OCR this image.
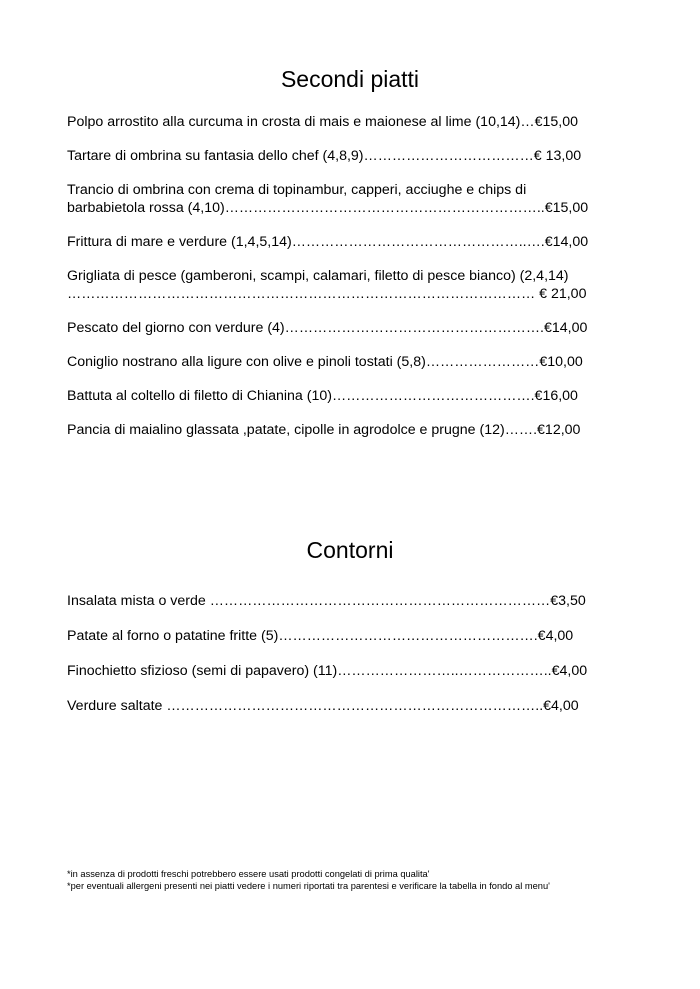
Secondi piatti
Polpo arrostito alla curcuma in crosta di mais e maionese al lime (10,14)…€15,00
Tartare di ombrina su fantasia dello chef (4,8,9)………………………………€ 13,00
Trancio di ombrina con crema di topinambur, capperi, acciughe e chips di
barbabietola rossa (4,10)…………………………………………………………..€15,00
Frittura di mare e verdure (1,4,5,14)…………………………………………..….€14,00
Grigliata di pesce (gamberoni, scampi, calamari, filetto di pesce bianco) (2,4,14)
……………………………………………………………………………………… € 21,00
Pescato del giorno con verdure (4)……………………………………………….€14,00
Coniglio nostrano alla ligure con olive e pinoli tostati (5,8)……………………€10,00
Battuta al coltello di filetto di Chianina (10)…………………………………….€16,00
Pancia di maialino glassata ,patate, cipolle in agrodolce e prugne (12)…….€12,00
Contorni
Insalata mista o verde ………………………………………………………………€3,50
Patate al forno o patatine fritte (5)……………………………………………….€4,00
Finochietto sfizioso (semi di papavero) (11)……………………..………………..€4,00
Verdure saltate ……………………………………………………………………..€4,00
*in assenza di prodotti freschi potrebbero essere usati prodotti congelati di prima qualita'
*per eventuali allergeni presenti nei piatti vedere i numeri riportati tra parentesi e verificare la tabella in fondo al menu'
